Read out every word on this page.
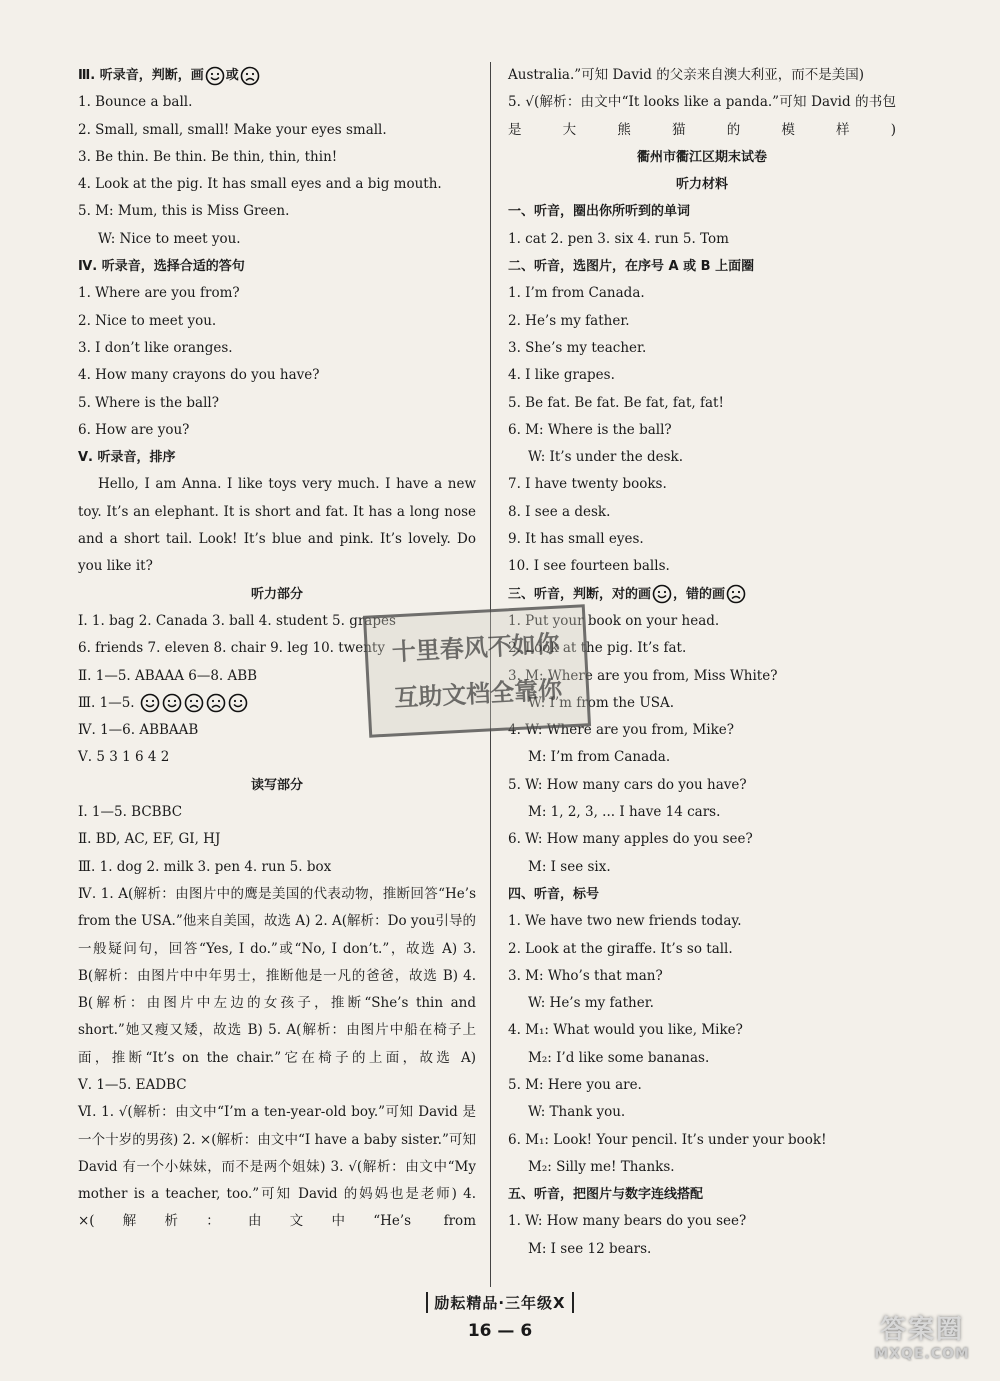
Ⅲ. 听录音，判断，画 或
1. Bounce a ball.
2. Small, small, small! Make your eyes small.
3. Be thin. Be thin. Be thin, thin, thin!
4. Look at the pig. It has small eyes and a big mouth.
5. M: Mum, this is Miss Green.
W: Nice to meet you.
Ⅳ. 听录音，选择合适的答句
1. Where are you from?
2. Nice to meet you.
3. I don’t like oranges.
4. How many crayons do you have?
5. Where is the ball?
6. How are you?
Ⅴ. 听录音，排序
Hello, I am Anna. I like toys very much. I have a new toy. It’s an elephant. It is short and fat. It has a long nose and a short tail. Look! It’s blue and pink. It’s lovely. Do you like it?
听力部分
Ⅰ. 1. bag 2. Canada 3. ball 4. student 5. grapes
6. friends 7. eleven 8. chair 9. leg 10. twenty
Ⅱ. 1—5. ABAAA 6—8. ABB
Ⅲ. 1—5.
Ⅳ. 1—6. ABBAAB
Ⅴ. 5 3 1 6 4 2
读写部分
Ⅰ. 1—5. BCBBC
Ⅱ. BD, AC, EF, GI, HJ
Ⅲ. 1. dog 2. milk 3. pen 4. run 5. box
Ⅳ. 1. A(解析：由图片中的鹰是美国的代表动物，推断回答“He’s from the USA.”他来自美国，故选 A) 2. A(解析：Do you引导的一般疑问句，回答“Yes, I do.”或“No, I don’t.”，故选 A) 3. B(解析：由图片中中年男士，推断他是一凡的爸爸，故选 B) 4. B(解析：由图片中左边的女孩子，推断“She’s thin and short.”她又瘦又矮，故选 B) 5. A(解析：由图片中船在椅子上面，推断“It’s on the chair.”它在椅子的上面，故选 A)
Ⅴ. 1—5. EADBC
Ⅵ. 1. √(解析：由文中“I’m a ten-year-old boy.”可知 David 是一个十岁的男孩) 2. ×(解析：由文中“I have a baby sister.”可知 David 有一个小妹妹，而不是两个姐妹) 3. √(解析：由文中“My mother is a teacher, too.”可知 David 的妈妈也是老师) 4. ×(解析：由文中“He’s from
Australia.”可知 David 的父亲来自澳大利亚，而不是美国)
5. √(解析：由文中“It looks like a panda.”可知 David 的书包是大熊猫的模样)
衢州市衢江区期末试卷
听力材料
一、听音，圈出你所听到的单词
1. cat 2. pen 3. six 4. run 5. Tom
二、听音，选图片，在序号 A 或 B 上面圈
1. I’m from Canada.
2. He’s my father.
3. She’s my teacher.
4. I like grapes.
5. Be fat. Be fat. Be fat, fat, fat!
6. M: Where is the ball?
W: It’s under the desk.
7. I have twenty books.
8. I see a desk.
9. It has small eyes.
10. I see fourteen balls.
三、听音，判断，对的画 ，错的画
1. Put your book on your head.
2. Look at the pig. It’s fat.
3. M: Where are you from, Miss White?
W: I’m from the USA.
4. W: Where are you from, Mike?
M: I’m from Canada.
5. W: How many cars do you have?
M: 1, 2, 3, ... I have 14 cars.
6. W: How many apples do you see?
M: I see six.
四、听音，标号
1. We have two new friends today.
2. Look at the giraffe. It’s so tall.
3. M: Who’s that man?
W: He’s my father.
4. M₁: What would you like, Mike?
M₂: I’d like some bananas.
5. M: Here you are.
W: Thank you.
6. M₁: Look! Your pencil. It’s under your book!
M₂: Silly me! Thanks.
五、听音，把图片与数字连线搭配
1. W: How many bears do you see?
M: I see 12 bears.
十里春风不如你
互助文档全靠你
励耘精品·三年级X
16 — 6	答案圈
MXQE.COM
